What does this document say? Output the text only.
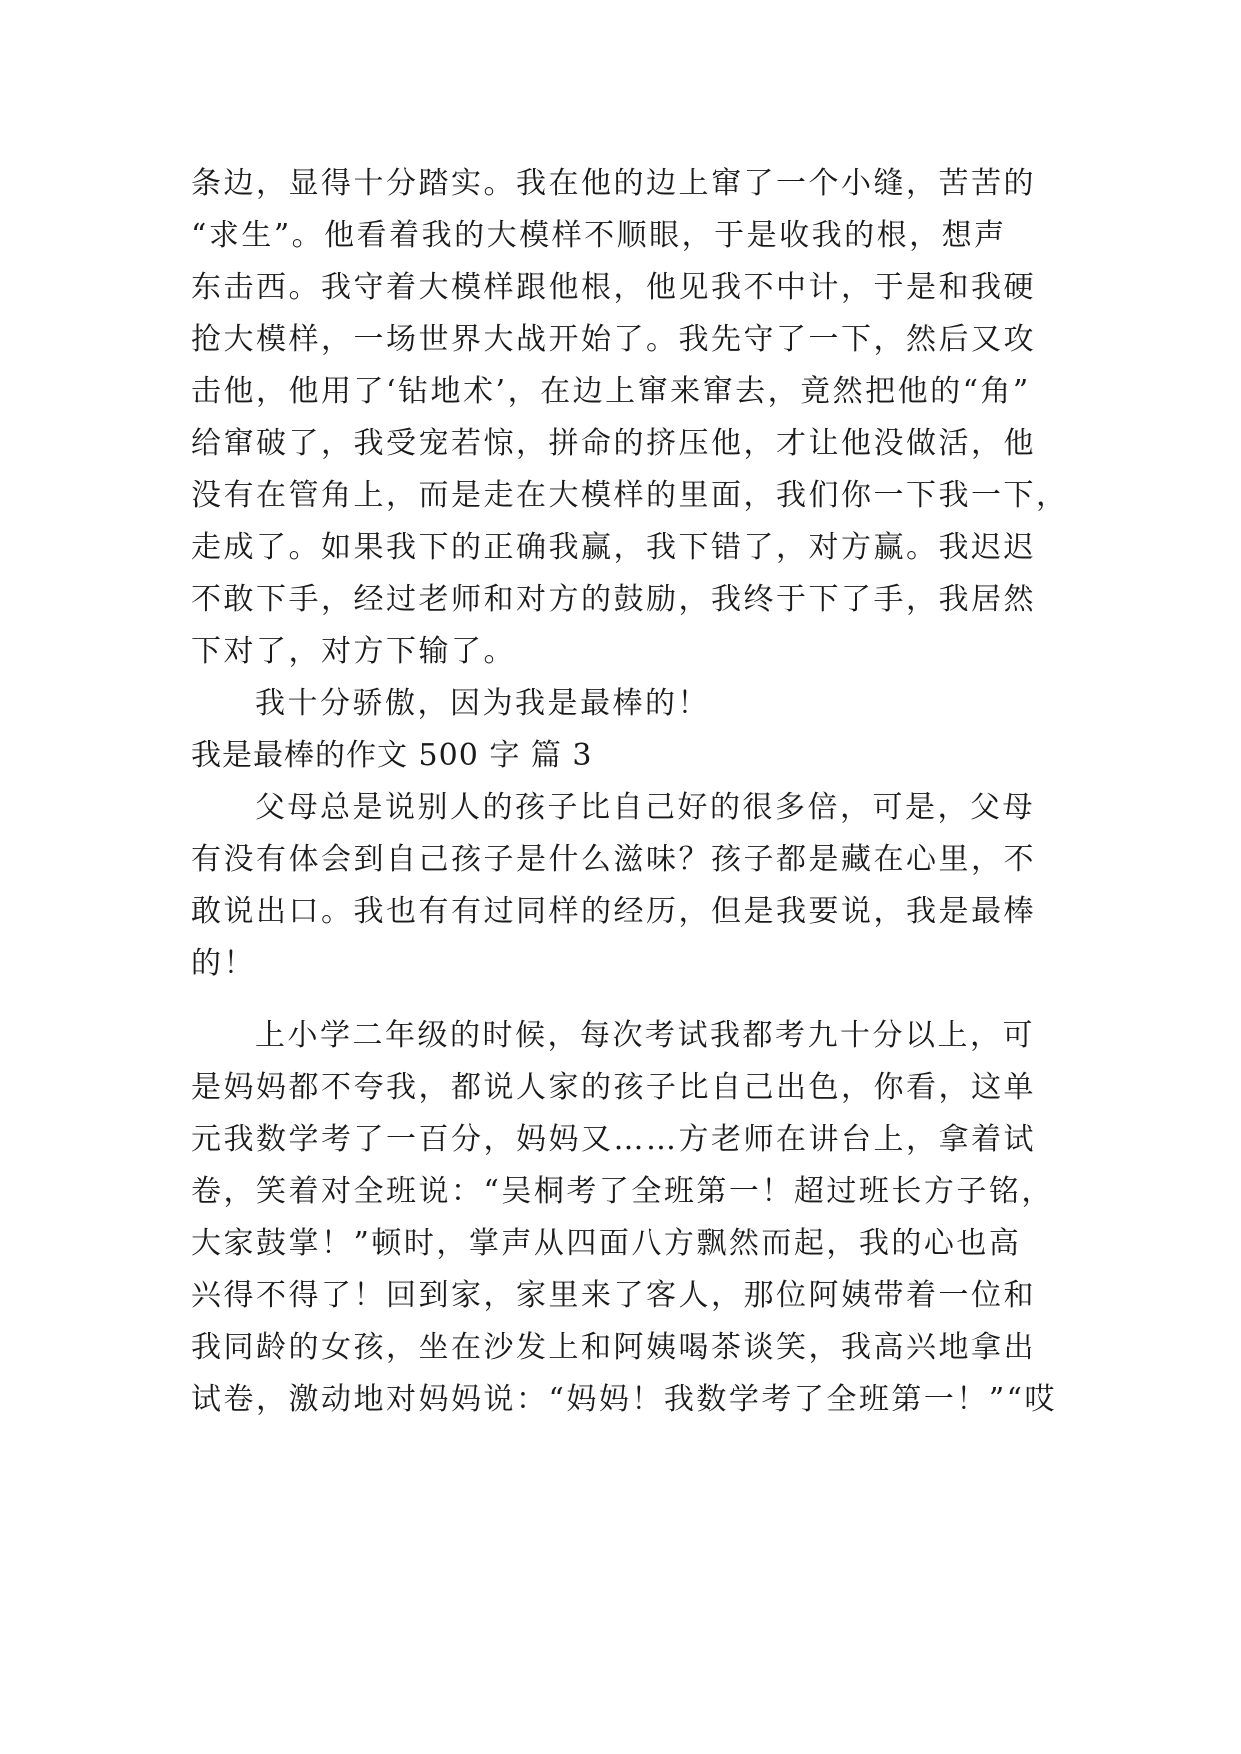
条边，显得十分踏实。我在他的边上窜了一个小缝，苦苦的
“求生”。他看着我的大模样不顺眼，于是收我的根，想声
东击西。我守着大模样跟他根，他见我不中计，于是和我硬
抢大模样，一场世界大战开始了。我先守了一下，然后又攻
击他，他用了‘钻地术’，在边上窜来窜去，竟然把他的“角”
给窜破了，我受宠若惊，拼命的挤压他，才让他没做活，他
没有在管角上，而是走在大模样的里面，我们你一下我一下，
走成了。如果我下的正确我赢，我下错了，对方赢。我迟迟
不敢下手，经过老师和对方的鼓励，我终于下了手，我居然
下对了，对方下输了。
我十分骄傲，因为我是最棒的！
我是最棒的作文 500 字 篇 3
父母总是说别人的孩子比自己好的很多倍，可是，父母
有没有体会到自己孩子是什么滋味？孩子都是藏在心里，不
敢说出口。我也有有过同样的经历，但是我要说，我是最棒
的！
上小学二年级的时候，每次考试我都考九十分以上，可
是妈妈都不夸我，都说人家的孩子比自己出色，你看，这单
元我数学考了一百分，妈妈又……方老师在讲台上，拿着试
卷，笑着对全班说：“吴桐考了全班第一！超过班长方子铭，
大家鼓掌！”顿时，掌声从四面八方飘然而起，我的心也高
兴得不得了！回到家，家里来了客人，那位阿姨带着一位和
我同龄的女孩，坐在沙发上和阿姨喝茶谈笑，我高兴地拿出
试卷，激动地对妈妈说：“妈妈！我数学考了全班第一！”“哎
